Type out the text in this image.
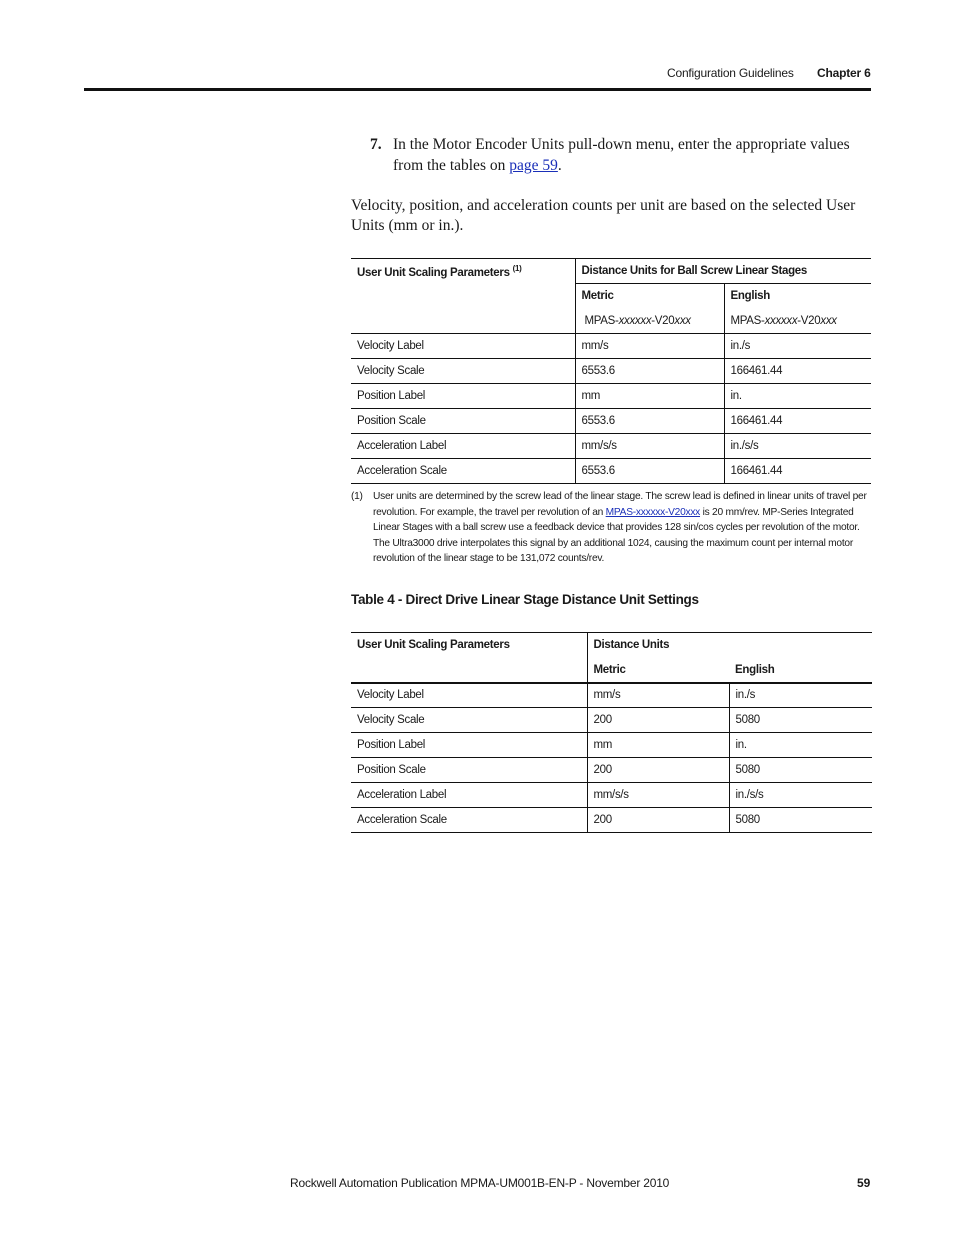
Configuration Guidelines Chapter 6
7. In the Motor Encoder Units pull-down menu, enter the appropriate values from the tables on page 59.
Velocity, position, and acceleration counts per unit are based on the selected User Units (mm or in.).
User Unit Scaling Parameters $^{(1)}$	Distance Units for Ball Screw Linear Stages	
	Metric	English
	MPAS-xxxxxx-V20xxx	MPAS-xxxxxx-V20xxx
Velocity Label	mm/s	in./s
Velocity Scale	6553.6	166461.44
Position Label	mm	in.
Position Scale	6553.6	166461.44
Acceleration Label	mm/s/s	in./s/s
Acceleration Scale	6553.6	166461.44
(1) User units are determined by the screw lead of the linear stage. The screw lead is defined in linear units of travel per revolution. For example, the travel per revolution of an MPAS-xxxxxx-V20xxx is 20 mm/rev. MP-Series Integrated Linear Stages with a ball screw use a feedback device that provides 128 sin/cos cycles per revolution of the motor. The Ultra3000 drive interpolates this signal by an additional 1024, causing the maximum count per internal motor revolution of the linear stage to be 131,072 counts/rev.
Table 4 - Direct Drive Linear Stage Distance Unit Settings
User Unit Scaling Parameters	Distance Units	
	Metric	English
Velocity Label	mm/s	in./s
Velocity Scale	200	5080
Position Label	mm	in.
Position Scale	200	5080
Acceleration Label	mm/s/s	in./s/s
Acceleration Scale	200	5080
Rockwell Automation Publication MPMA-UM001B-EN-P - November 2010	59
